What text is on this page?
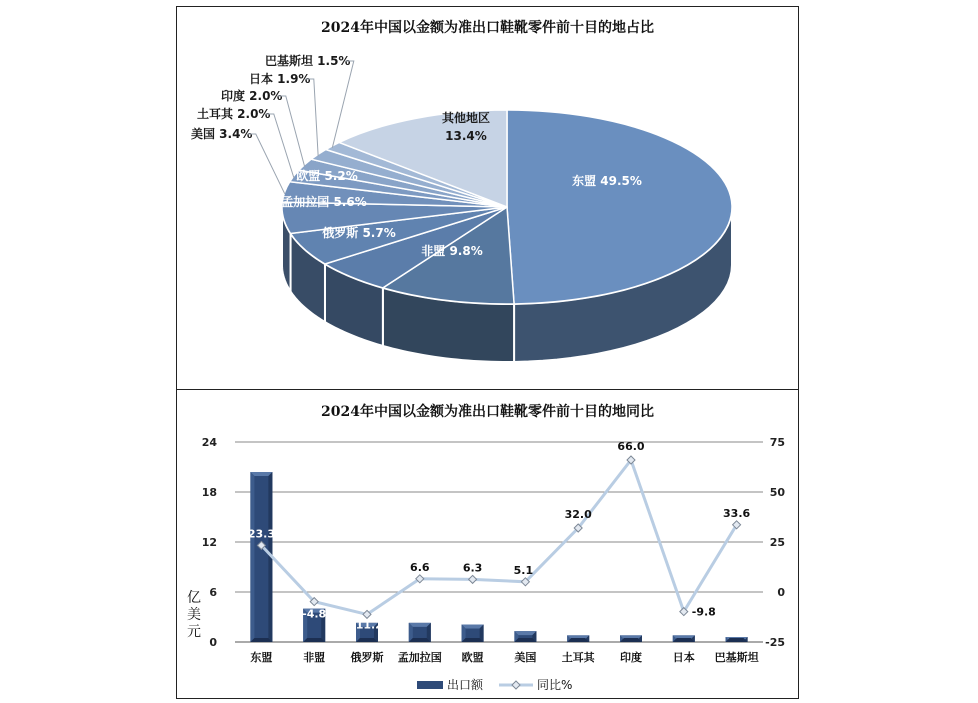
2024年中国以金额为准出口鞋靴零件前十目的地占比
东盟 49.5%
非盟 9.8%
俄罗斯 5.7%
孟加拉国 5.6%
欧盟 5.2%
美国 3.4%
土耳其 2.0%
印度 2.0%
日本 1.9%
巴基斯坦 1.5%
其他地区
13.4%
2024年中国以金额为准出口鞋靴零件前十目的地同比
0
6
12
18
24
-25
0
25
50
75
亿
美
元
23.3
-4.8
-11.2
6.6	6.3	5.1
32.0
66.0
-9.8
33.6
东盟	非盟 俄罗斯 孟加拉国 欧盟	美国 土耳其 印度	日本 巴基斯坦
出口额	同比%
